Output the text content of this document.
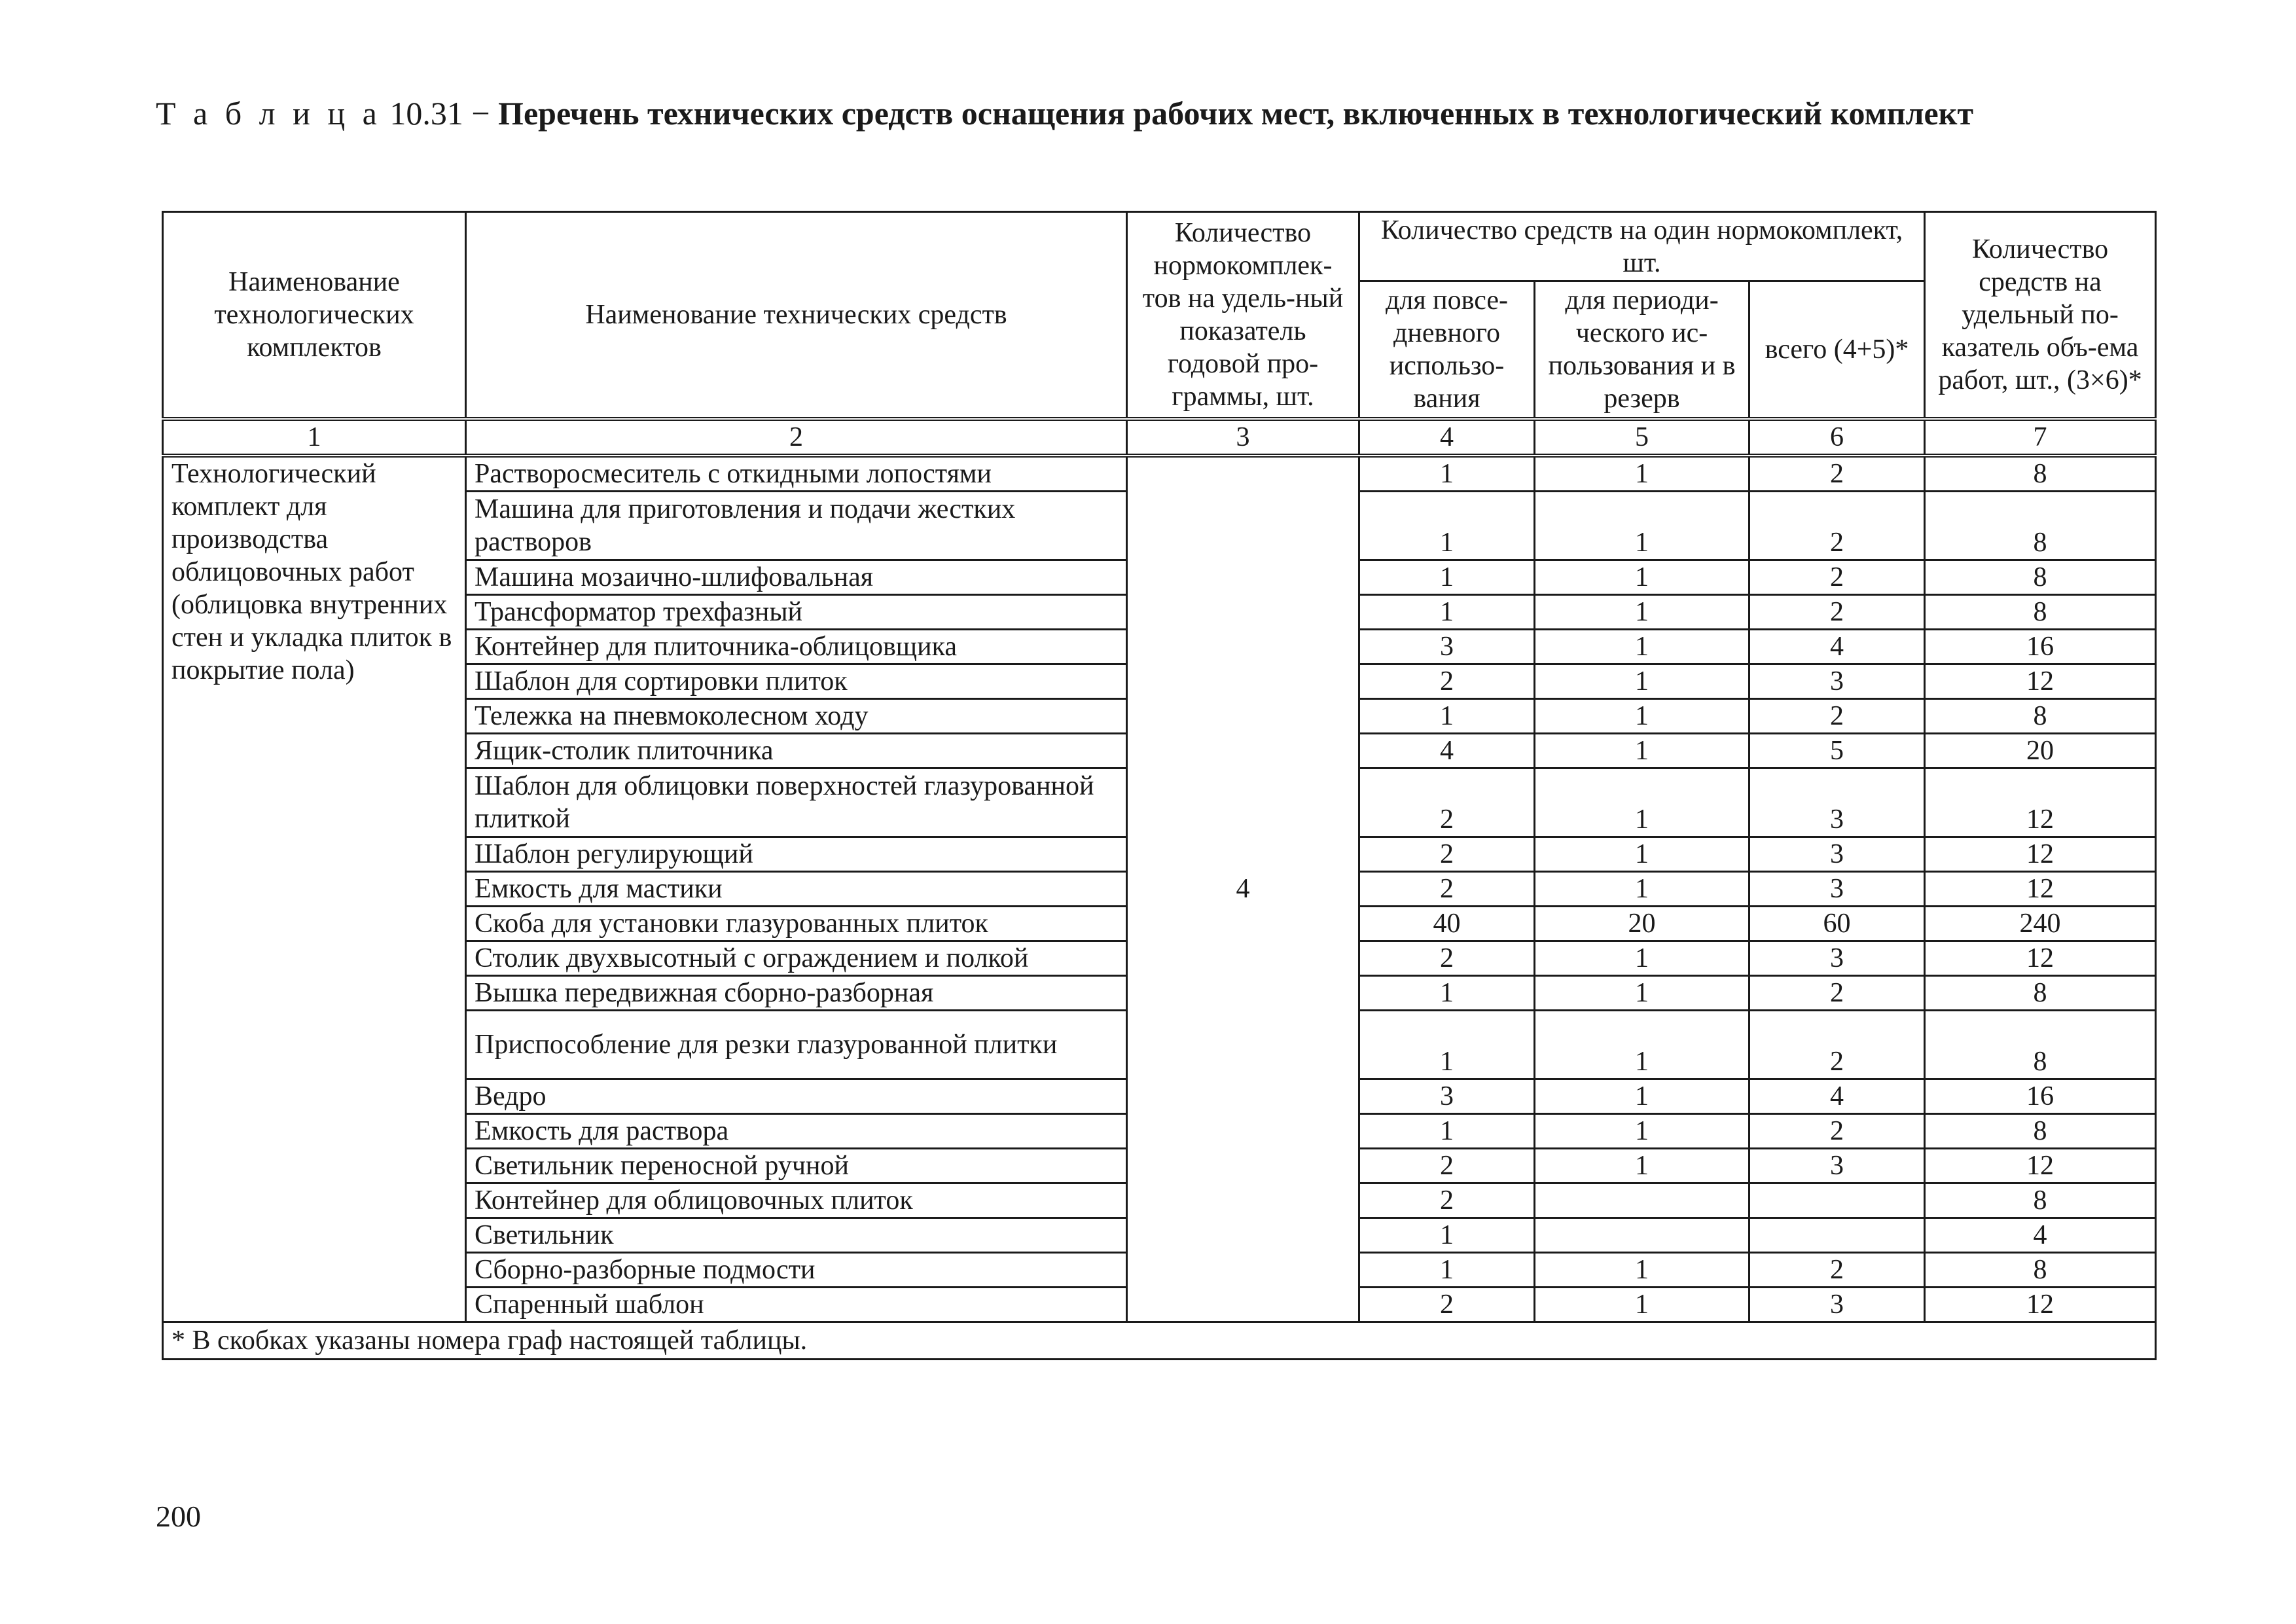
Т а б л и ц а 10.31 − Перечень технических средств оснащения рабочих мест, включенных в технологический комплект
Наименование технологических комплектов	Наименование технических средств	Количество нормокомплек-тов на удель-ный показатель годовой про-граммы, шт.	Количество средств на один нормокомплект, шт.			Количество средств на удельный по-казатель объ-ема работ, шт., (3×6)*
			для повсе-дневного использо-вания	для периоди-ческого ис-пользования и в резерв	всего (4+5)*	
1	2	3	4	5	6	7
Технологический комплект для производства облицовочных работ (облицовка внутренних стен и укладка плиток в покрытие пола)	Растворосмеситель с откидными лопостями	4	1	1	2	8
	Машина для приготовления и подачи жестких растворов		1	1	2	8
	Машина мозаично-шлифовальная		1	1	2	8
	Трансформатор трехфазный		1	1	2	8
	Контейнер для плиточника-облицовщика		3	1	4	16
	Шаблон для сортировки плиток		2	1	3	12
	Тележка на пневмоколесном ходу		1	1	2	8
	Ящик-столик плиточника		4	1	5	20
	Шаблон для облицовки поверхностей глазурованной плиткой		2	1	3	12
	Шаблон регулирующий		2	1	3	12
	Емкость для мастики		2	1	3	12
	Скоба для установки глазурованных плиток		40	20	60	240
	Столик двухвысотный с ограждением и полкой		2	1	3	12
	Вышка передвижная сборно-разборная		1	1	2	8
	Приспособление для резки глазурованной плитки		1	1	2	8
	Ведро		3	1	4	16
	Емкость для раствора		1	1	2	8
	Светильник переносной ручной		2	1	3	12
	Контейнер для облицовочных плиток		2			8
	Светильник		1			4
	Сборно-разборные подмости		1	1	2	8
	Спаренный шаблон		2	1	3	12
* В скобках указаны номера граф настоящей таблицы.						
200
